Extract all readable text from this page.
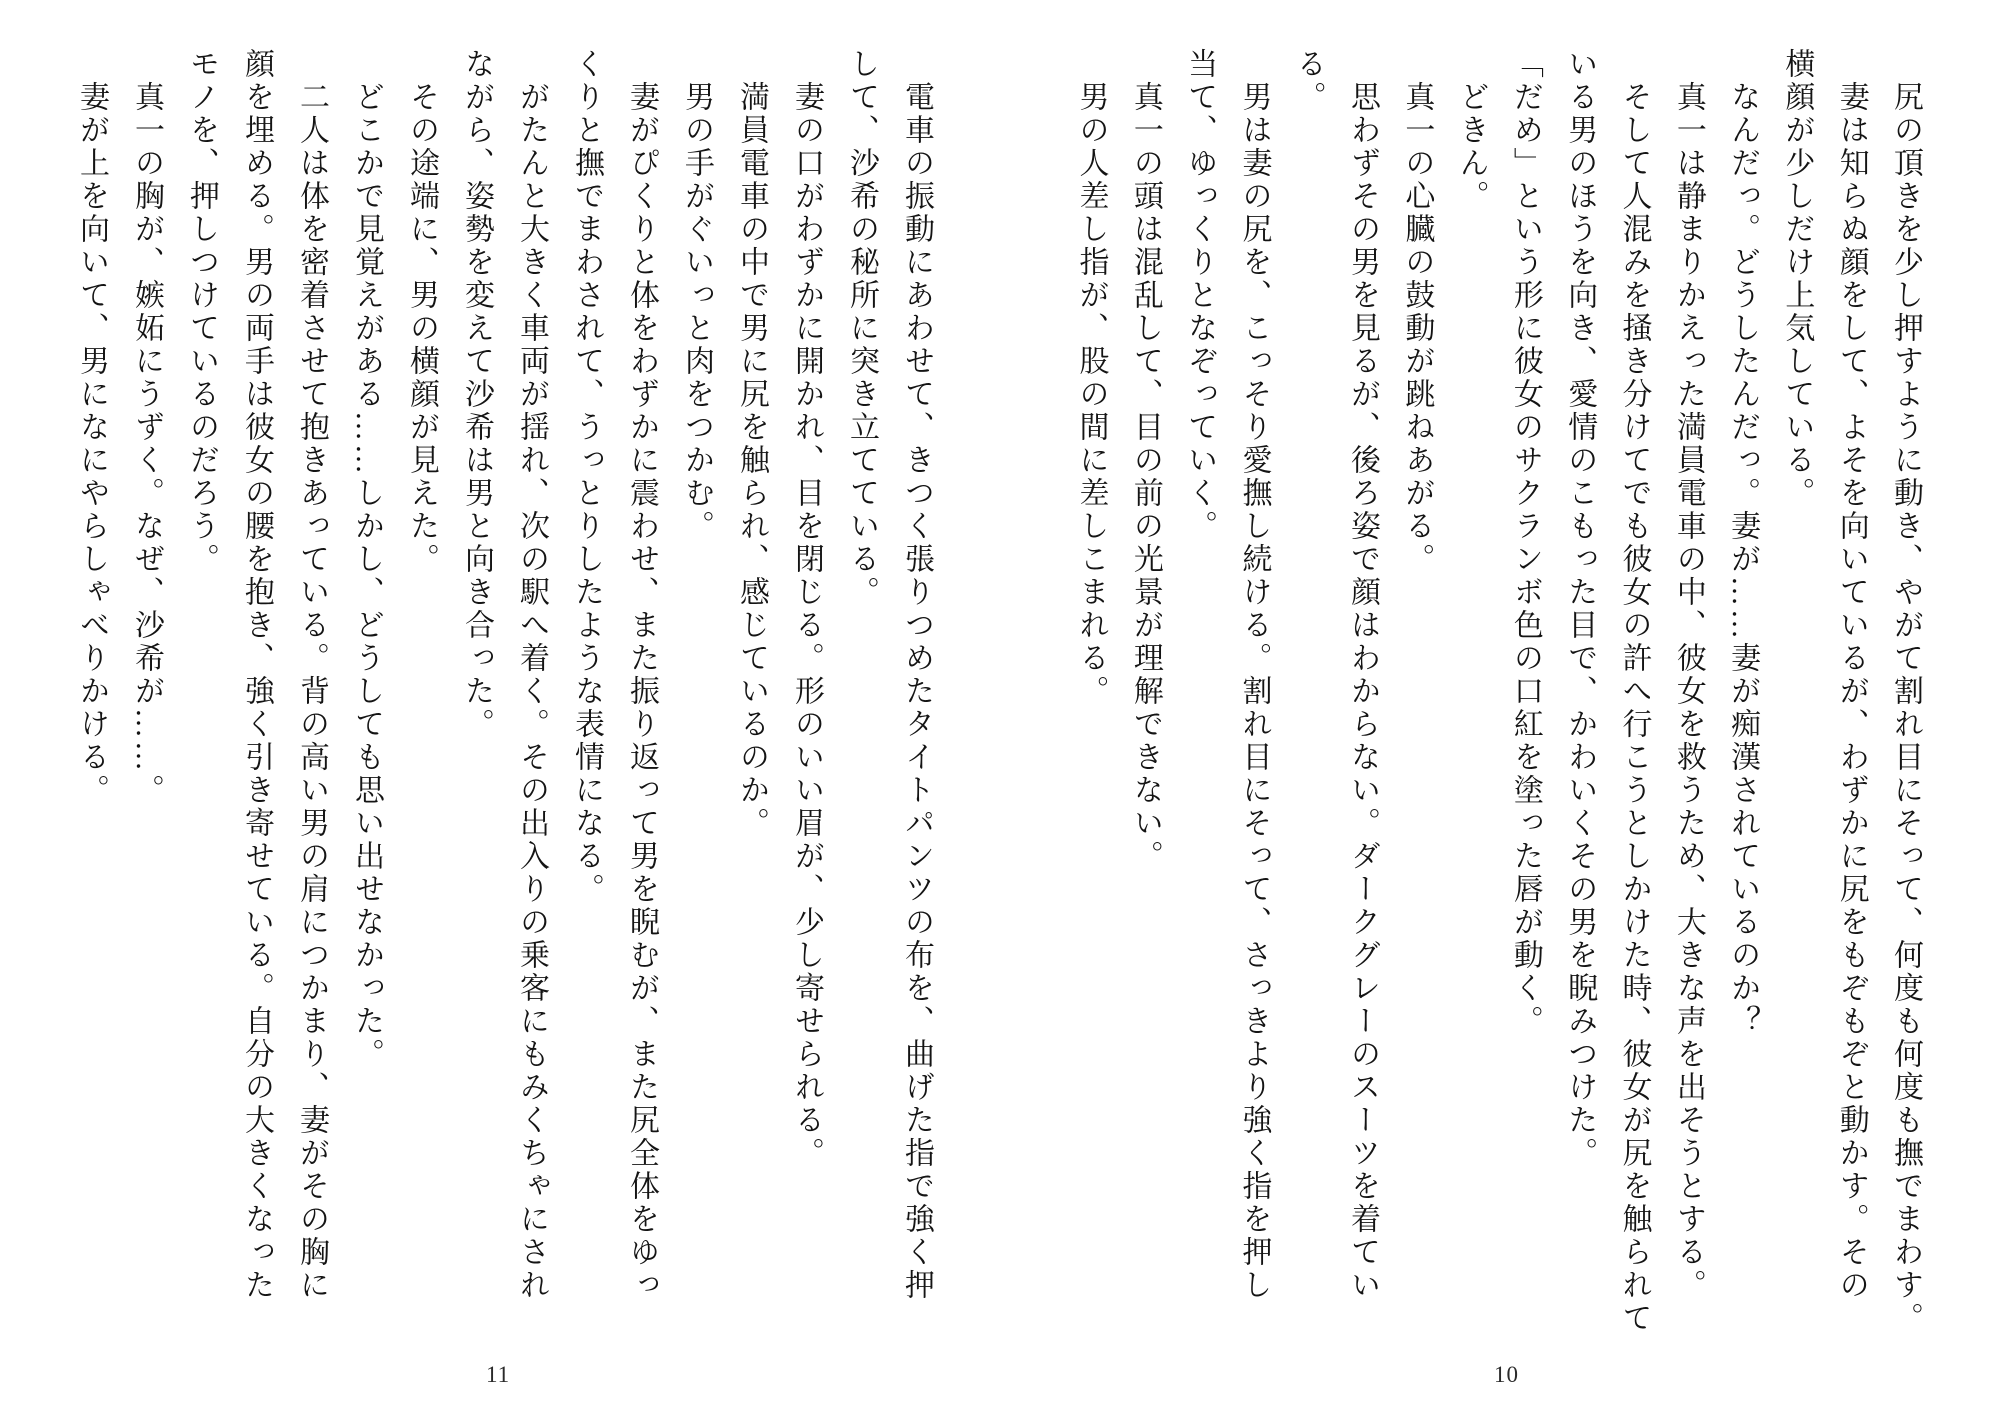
尻の頂きを少し押すように動き、やがて割れ目にそって、何度も何度も撫でまわす。

妻は知らぬ顔をして、よそを向いているが、わずかに尻をもぞもぞと動かす。その

横顔が少しだけ上気している。

なんだっ。どうしたんだっ。妻が……妻が痴漢されているのか？

真一は静まりかえった満員電車の中、彼女を救うため、大きな声を出そうとする。

そして人混みを掻き分けてでも彼女の許へ行こうとしかけた時、彼女が尻を触られて

いる男のほうを向き、愛情のこもった目で、かわいくその男を睨みつけた。

「だめ」という形に彼女のサクランボ色の口紅を塗った唇が動く。

どきん。

真一の心臓の鼓動が跳ねあがる。

思わずその男を見るが、後ろ姿で顔はわからない。ダークグレーのスーツを着てい

る。

男は妻の尻を、こっそり愛撫し続ける。割れ目にそって、さっきより強く指を押し

当て、ゆっくりとなぞっていく。

真一の頭は混乱して、目の前の光景が理解できない。

男の人差し指が、股の間に差しこまれる。

電車の振動にあわせて、きつく張りつめたタイトパンツの布を、曲げた指で強く押

して、沙希の秘所に突き立てている。

妻の口がわずかに開かれ、目を閉じる。形のいい眉が、少し寄せられる。

満員電車の中で男に尻を触られ、感じているのか。

男の手がぐいっと肉をつかむ。

妻がぴくりと体をわずかに震わせ、また振り返って男を睨むが、また尻全体をゆっ

くりと撫でまわされて、うっとりしたような表情になる。

がたんと大きく車両が揺れ、次の駅へ着く。その出入りの乗客にもみくちゃにされ

ながら、姿勢を変えて沙希は男と向き合った。

その途端に、男の横顔が見えた。

どこかで見覚えがある……しかし、どうしても思い出せなかった。

二人は体を密着させて抱きあっている。背の高い男の肩につかまり、妻がその胸に

顔を埋める。男の両手は彼女の腰を抱き、強く引き寄せている。自分の大きくなった

モノを、押しつけているのだろう。

真一の胸が、嫉妬にうずく。なぜ、沙希が……。

妻が上を向いて、男になにやらしゃべりかける。

10
11
